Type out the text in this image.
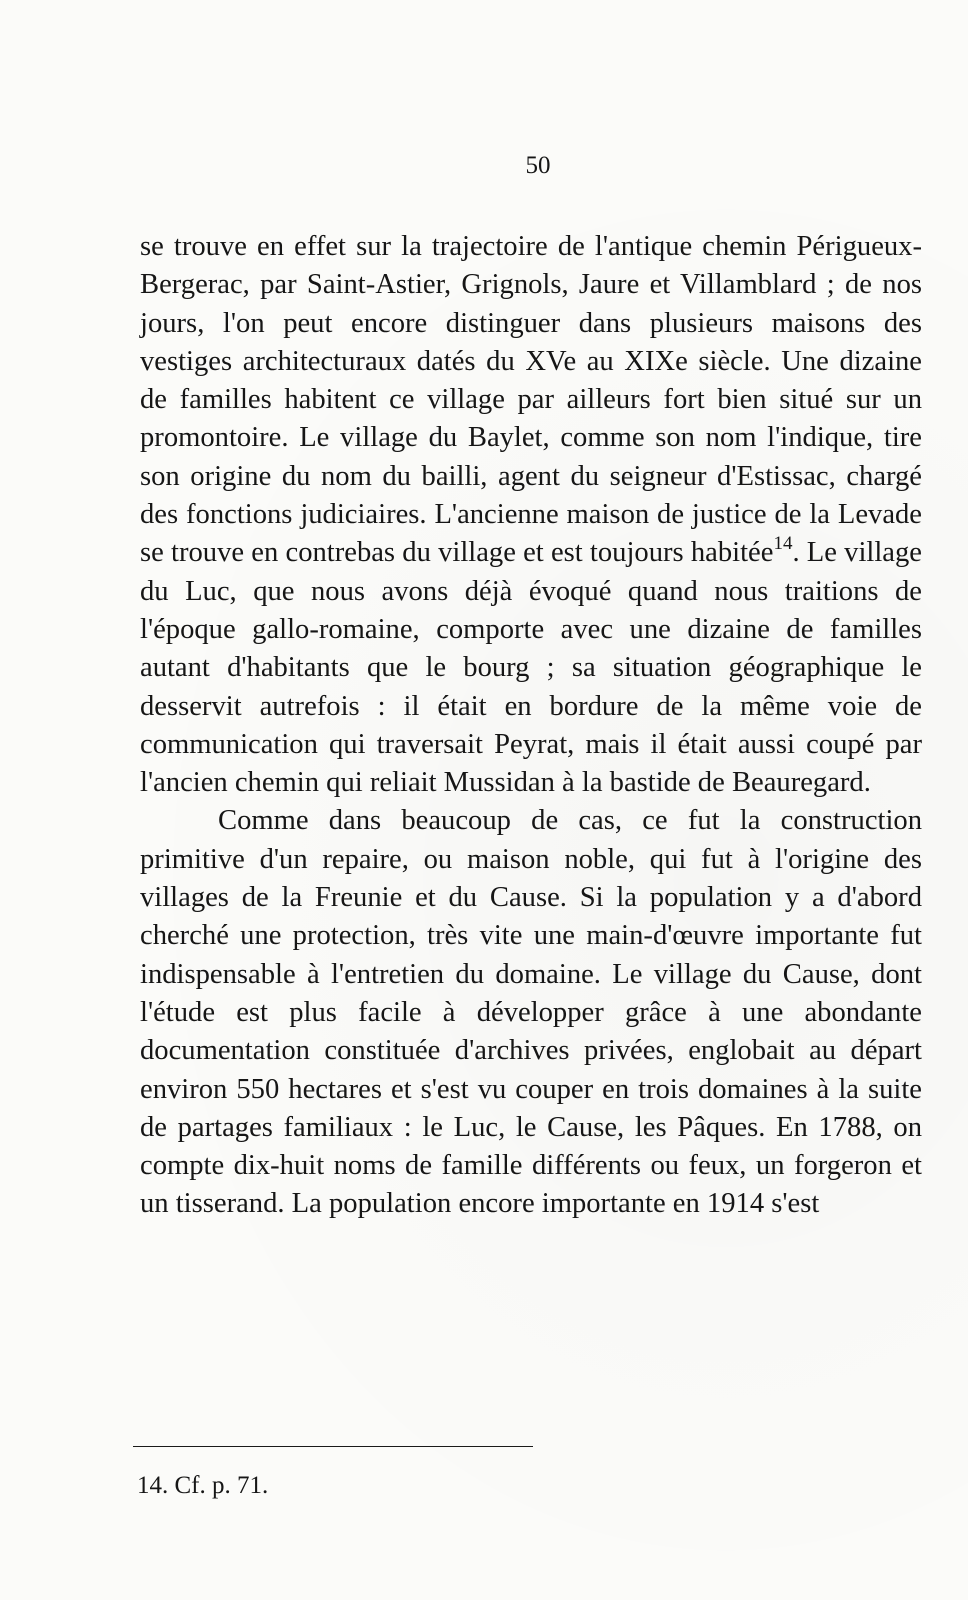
50

se trouve en effet sur la trajectoire de l'antique chemin Périgueux-Bergerac, par Saint-Astier, Grignols, Jaure et Villamblard ; de nos jours, l'on peut encore distinguer dans plusieurs maisons des vestiges architecturaux datés du XVe au XIXe siècle. Une dizaine de familles habitent ce village par ailleurs fort bien situé sur un promontoire. Le village du Baylet, comme son nom l'indique, tire son origine du nom du bailli, agent du seigneur d'Estissac, chargé des fonctions judiciaires. L'ancienne maison de justice de la Levade se trouve en contrebas du village et est toujours habitée$^{14}$. Le village du Luc, que nous avons déjà évoqué quand nous traitions de l'époque gallo-romaine, comporte avec une dizaine de familles autant d'habitants que le bourg ; sa situation géographique le desservit autrefois : il était en bordure de la même voie de communication qui traversait Peyrat, mais il était aussi coupé par l'ancien chemin qui reliait Mussidan à la bastide de Beauregard.

Comme dans beaucoup de cas, ce fut la construction primitive d'un repaire, ou maison noble, qui fut à l'origine des villages de la Freunie et du Cause. Si la population y a d'abord cherché une protection, très vite une main-d'œuvre importante fut indispensable à l'entretien du domaine. Le village du Cause, dont l'étude est plus facile à développer grâce à une abondante documentation constituée d'archives privées, englobait au départ environ 550 hectares et s'est vu couper en trois domaines à la suite de partages familiaux : le Luc, le Cause, les Pâques. En 1788, on compte dix-huit noms de famille différents ou feux, un forgeron et un tisserand. La population encore importante en 1914 s'est

14. Cf. p. 71.
